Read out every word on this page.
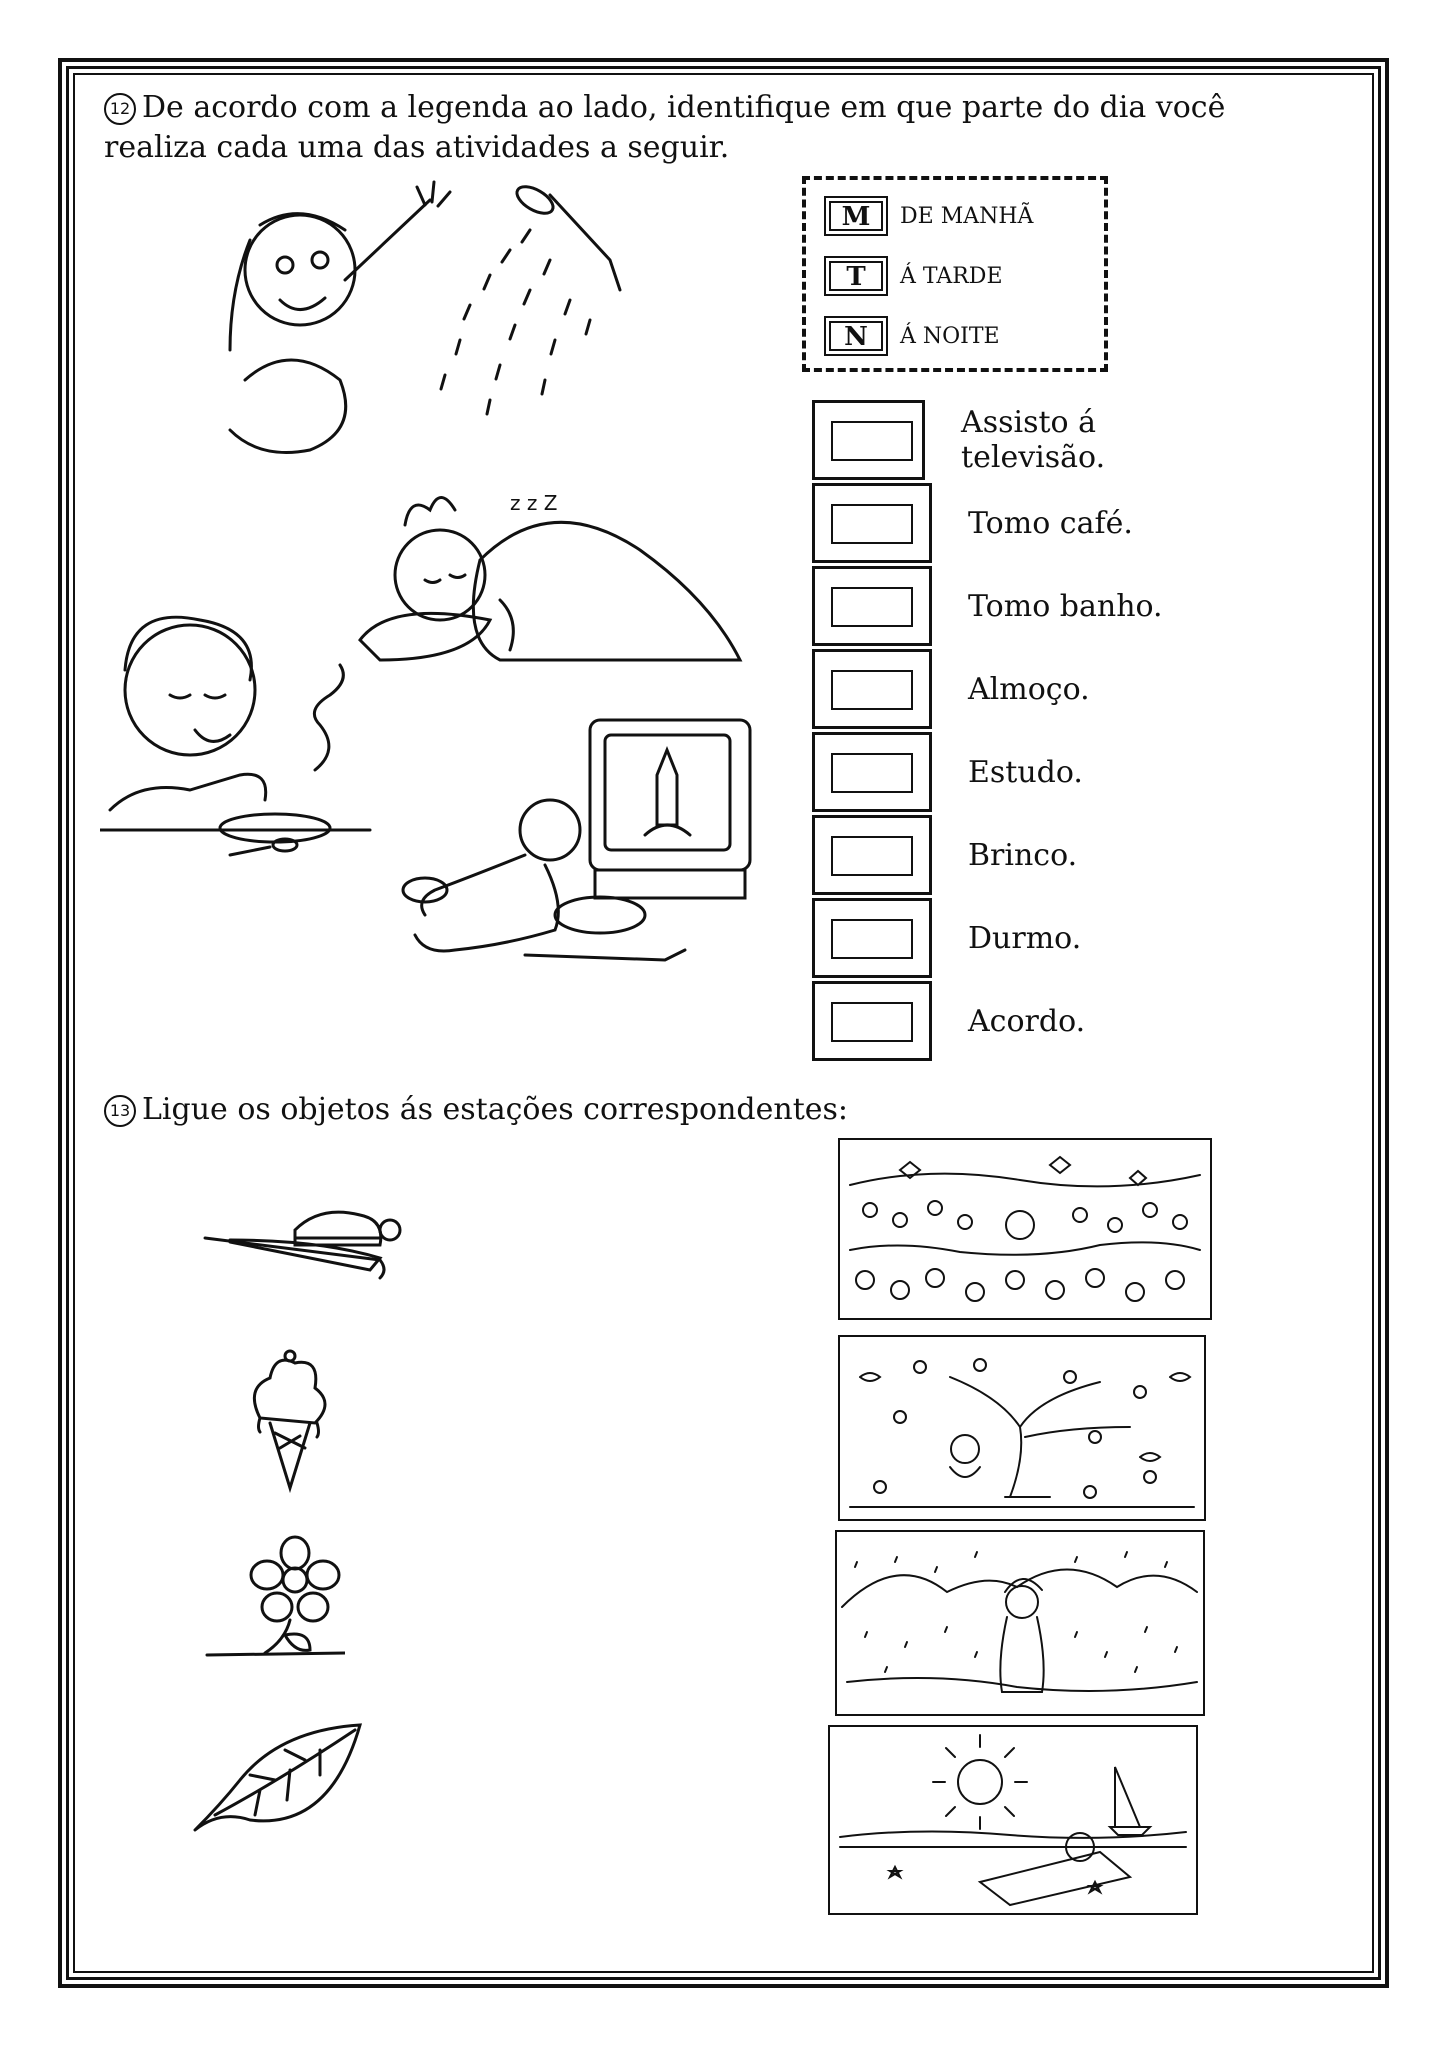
12 De acordo com a legenda ao lado, identifique em que parte do dia você realiza cada uma das atividades a seguir.
z z Z
M	DE MANHÃ
T	Á TARDE
N	Á NOITE
Assisto á televisão.
Tomo café.
Tomo banho.
Almoço.
Estudo.
Brinco.
Durmo.
Acordo.
13 Ligue os objetos ás estações correspondentes:
